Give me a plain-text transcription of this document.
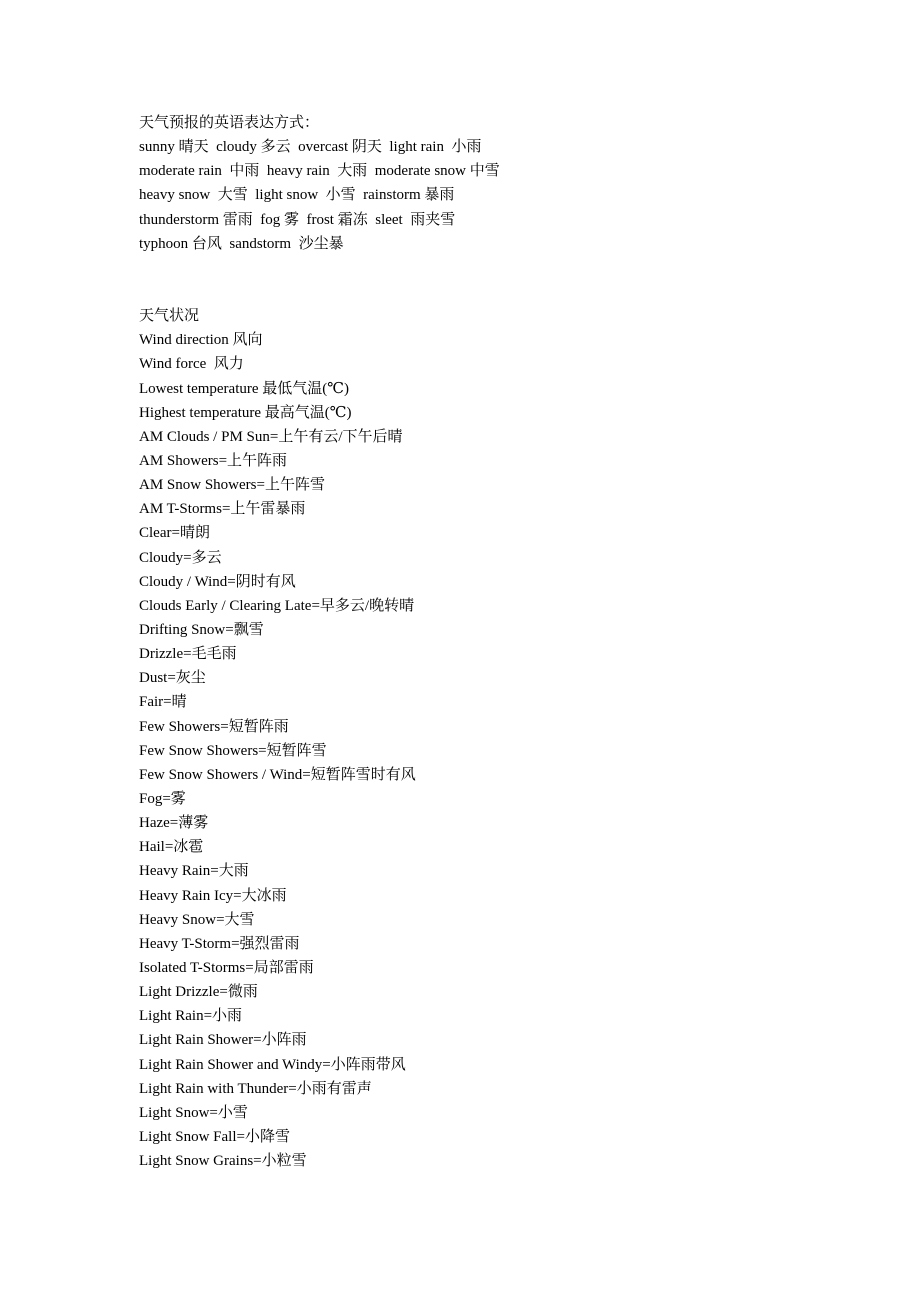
天气预报的英语表达方式：
sunny 晴天  cloudy 多云  overcast 阴天  light rain  小雨
moderate rain  中雨  heavy rain  大雨  moderate snow 中雪
heavy snow  大雪  light snow  小雪  rainstorm 暴雨
thunderstorm 雷雨  fog 雾  frost 霜冻  sleet  雨夹雪
typhoon 台风  sandstorm  沙尘暴
天气状况
Wind direction 风向
Wind force  风力
Lowest temperature 最低气温(℃)
Highest temperature 最高气温(℃)
AM Clouds / PM Sun=上午有云/下午后晴
AM Showers=上午阵雨
AM Snow Showers=上午阵雪
AM T-Storms=上午雷暴雨
Clear=晴朗
Cloudy=多云
Cloudy / Wind=阴时有风
Clouds Early / Clearing Late=早多云/晚转晴
Drifting Snow=飘雪
Drizzle=毛毛雨
Dust=灰尘
Fair=晴
Few Showers=短暂阵雨
Few Snow Showers=短暂阵雪
Few Snow Showers / Wind=短暂阵雪时有风
Fog=雾
Haze=薄雾
Hail=冰雹
Heavy Rain=大雨
Heavy Rain Icy=大冰雨
Heavy Snow=大雪
Heavy T-Storm=强烈雷雨
Isolated T-Storms=局部雷雨
Light Drizzle=微雨
Light Rain=小雨
Light Rain Shower=小阵雨
Light Rain Shower and Windy=小阵雨带风
Light Rain with Thunder=小雨有雷声
Light Snow=小雪
Light Snow Fall=小降雪
Light Snow Grains=小粒雪
